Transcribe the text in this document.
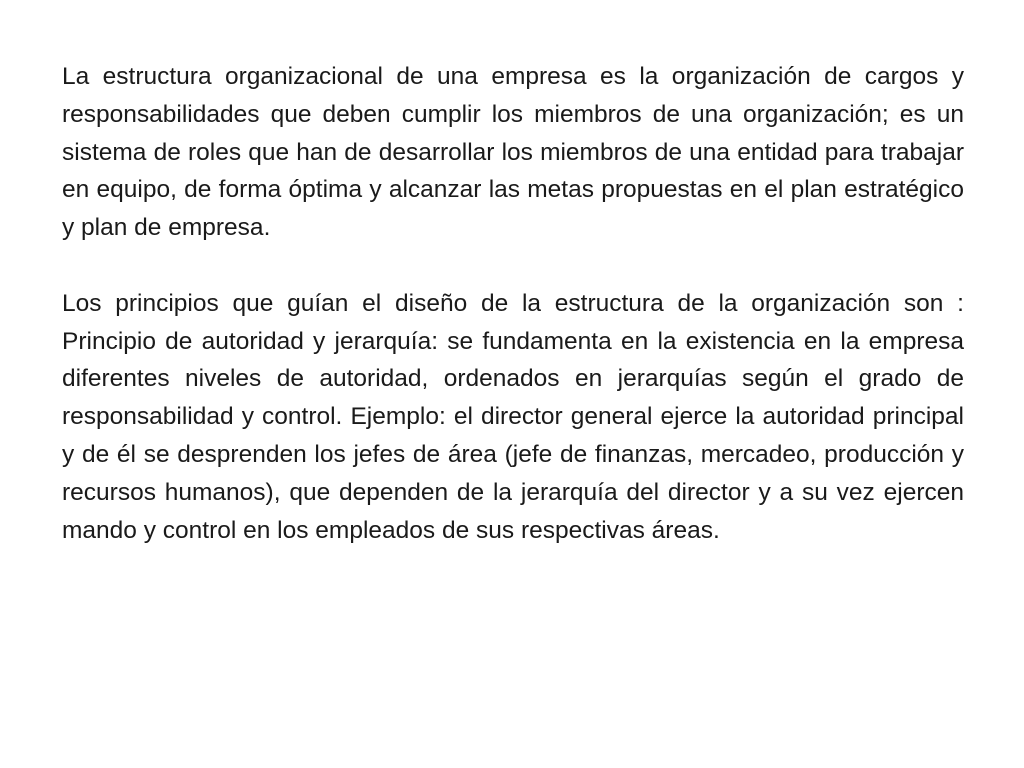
La estructura organizacional de una empresa es la organización de cargos y responsabilidades que deben cumplir los miembros de una organización; es un sistema de roles que han de desarrollar los miembros de una entidad para trabajar en equipo, de forma óptima y alcanzar las metas propuestas en el plan estratégico y plan de empresa.

Los principios que guían el diseño de la estructura de la organización son : Principio de autoridad y jerarquía: se fundamenta en la existencia en la empresa diferentes niveles de autoridad, ordenados en jerarquías según el grado de responsabilidad y control. Ejemplo: el director general ejerce la autoridad principal y de él se desprenden los jefes de área (jefe de finanzas, mercadeo, producción y recursos humanos), que dependen de la jerarquía del director y a su vez ejercen mando y control en los empleados de sus respectivas áreas.
